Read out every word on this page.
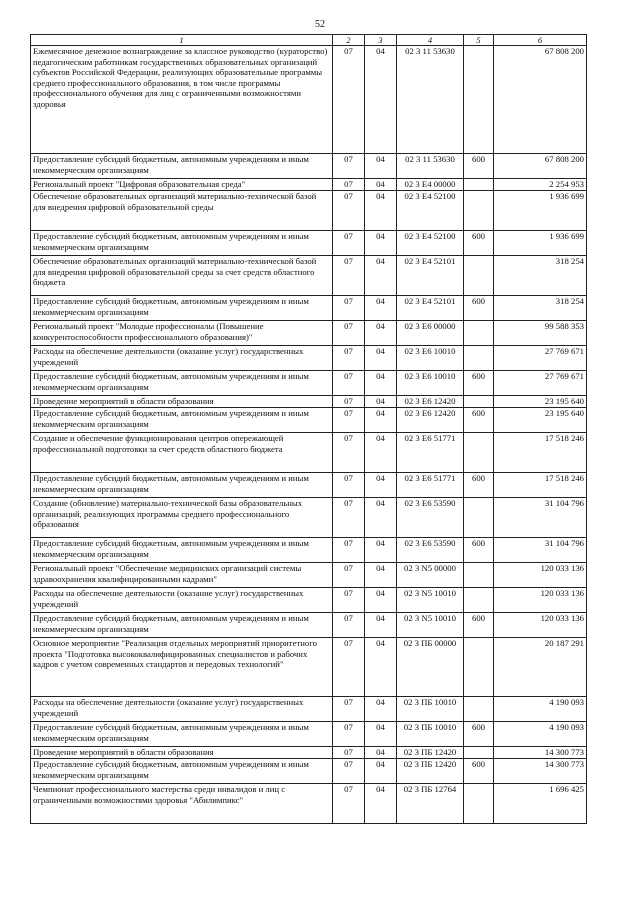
52
1	2	3	4	5	6
Ежемесячное денежное вознаграждение за классное руководство (кураторство) педагогическим работникам государственных образовательных организаций субъектов Российской Федерации, реализующих образовательные программы среднего профессионального образования, в том числе программы профессионального обучения для лиц с ограниченными возможностями здоровья	07	04	02 3 11 53630		67 808 200
Предоставление субсидий бюджетным, автономным учреждениям и иным некоммерческим организациям	07	04	02 3 11 53630	600	67 808 200
Региональный проект "Цифровая образовательная среда"	07	04	02 3 E4 00000		2 254 953
Обеспечение образовательных организаций материально-технической базой для внедрения цифровой образовательной среды	07	04	02 3 E4 52100		1 936 699
Предоставление субсидий бюджетным, автономным учреждениям и иным некоммерческим организациям	07	04	02 3 E4 52100	600	1 936 699
Обеспечение образовательных организаций материально-технической базой для внедрения цифровой образовательной среды за счет средств областного бюджета	07	04	02 3 E4 52101		318 254
Предоставление субсидий бюджетным, автономным учреждениям и иным некоммерческим организациям	07	04	02 3 E4 52101	600	318 254
Региональный проект "Молодые профессионалы (Повышение конкурентоспособности профессионального образования)"	07	04	02 3 E6 00000		99 588 353
Расходы на обеспечение деятельности (оказание услуг) государственных учреждений	07	04	02 3 E6 10010		27 769 671
Предоставление субсидий бюджетным, автономным учреждениям и иным некоммерческим организациям	07	04	02 3 E6 10010	600	27 769 671
Проведение мероприятий в области образования	07	04	02 3 E6 12420		23 195 640
Предоставление субсидий бюджетным, автономным учреждениям и иным некоммерческим организациям	07	04	02 3 E6 12420	600	23 195 640
Создание и обеспечение функционирования центров опережающей профессиональной подготовки за счет средств областного бюджета	07	04	02 3 E6 51771		17 518 246
Предоставление субсидий бюджетным, автономным учреждениям и иным некоммерческим организациям	07	04	02 3 E6 51771	600	17 518 246
Создание (обновление) материально-технической базы образовательных организаций, реализующих программы среднего профессионального образования	07	04	02 3 E6 53590		31 104 796
Предоставление субсидий бюджетным, автономным учреждениям и иным некоммерческим организациям	07	04	02 3 E6 53590	600	31 104 796
Региональный проект "Обеспечение медицинских организаций системы здравоохранения квалифицированными кадрами"	07	04	02 3 N5 00000		120 033 136
Расходы на обеспечение деятельности (оказание услуг) государственных учреждений	07	04	02 3 N5 10010		120 033 136
Предоставление субсидий бюджетным, автономным учреждениям и иным некоммерческим организациям	07	04	02 3 N5 10010	600	120 033 136
Основное мероприятие "Реализация отдельных мероприятий приоритетного проекта "Подготовка высококвалифицированных специалистов и рабочих кадров с учетом современных стандартов и передовых технологий"	07	04	02 3 ПБ 00000		20 187 291
Расходы на обеспечение деятельности (оказание услуг) государственных учреждений	07	04	02 3 ПБ 10010		4 190 093
Предоставление субсидий бюджетным, автономным учреждениям и иным некоммерческим организациям	07	04	02 3 ПБ 10010	600	4 190 093
Проведение мероприятий в области образования	07	04	02 3 ПБ 12420		14 300 773
Предоставление субсидий бюджетным, автономным учреждениям и иным некоммерческим организациям	07	04	02 3 ПБ 12420	600	14 300 773
Чемпионат профессионального мастерства среди инвалидов и лиц с ограниченными возможностями здоровья "Абилимпикс"	07	04	02 3 ПБ 12764		1 696 425
